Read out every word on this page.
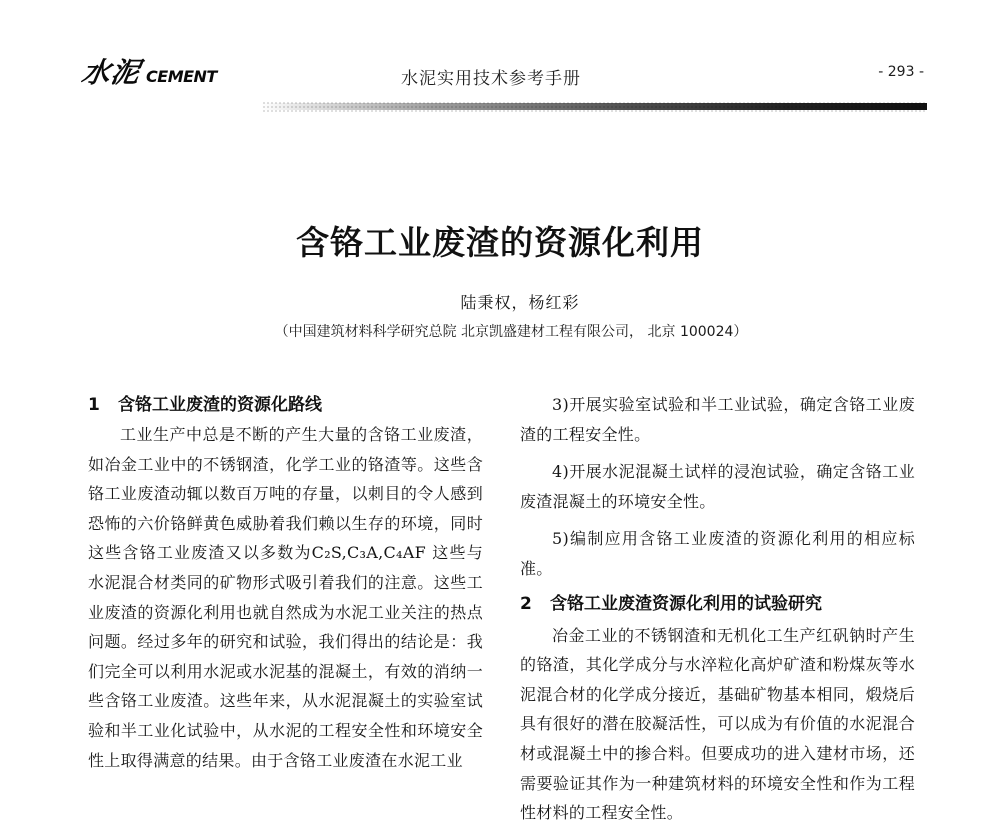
水泥 CEMENT	水泥实用技术参考手册	- 293 -
含铬工业废渣的资源化利用
陆秉权，杨红彩
（中国建筑材料科学研究总院 北京凯盛建材工程有限公司， 北京 100024）
1 含铬工业废渣的资源化路线

工业生产中总是不断的产生大量的含铬工业废渣，如冶金工业中的不锈钢渣，化学工业的铬渣等。这些含铬工业废渣动辄以数百万吨的存量，以刺目的令人感到恐怖的六价铬鲜黄色威胁着我们赖以生存的环境，同时这些含铬工业废渣又以多数为C₂S,C₃A,C₄AF 这些与水泥混合材类同的矿物形式吸引着我们的注意。这些工业废渣的资源化利用也就自然成为水泥工业关注的热点问题。经过多年的研究和试验，我们得出的结论是：我们完全可以利用水泥或水泥基的混凝土，有效的消纳一些含铬工业废渣。这些年来，从水泥混凝土的实验室试验和半工业化试验中，从水泥的工程安全性和环境安全性上取得满意的结果。由于含铬工业废渣在水泥工业

3)开展实验室试验和半工业试验，确定含铬工业废渣的工程安全性。

4)开展水泥混凝土试样的浸泡试验，确定含铬工业废渣混凝土的环境安全性。

5)编制应用含铬工业废渣的资源化利用的相应标准。

2 含铬工业废渣资源化利用的试验研究

冶金工业的不锈钢渣和无机化工生产红矾钠时产生的铬渣，其化学成分与水淬粒化高炉矿渣和粉煤灰等水泥混合材的化学成分接近，基础矿物基本相同，煅烧后具有很好的潜在胶凝活性，可以成为有价值的水泥混合材或混凝土中的掺合料。但要成功的进入建材市场，还需要验证其作为一种建筑材料的环境安全性和作为工程性材料的工程安全性。
